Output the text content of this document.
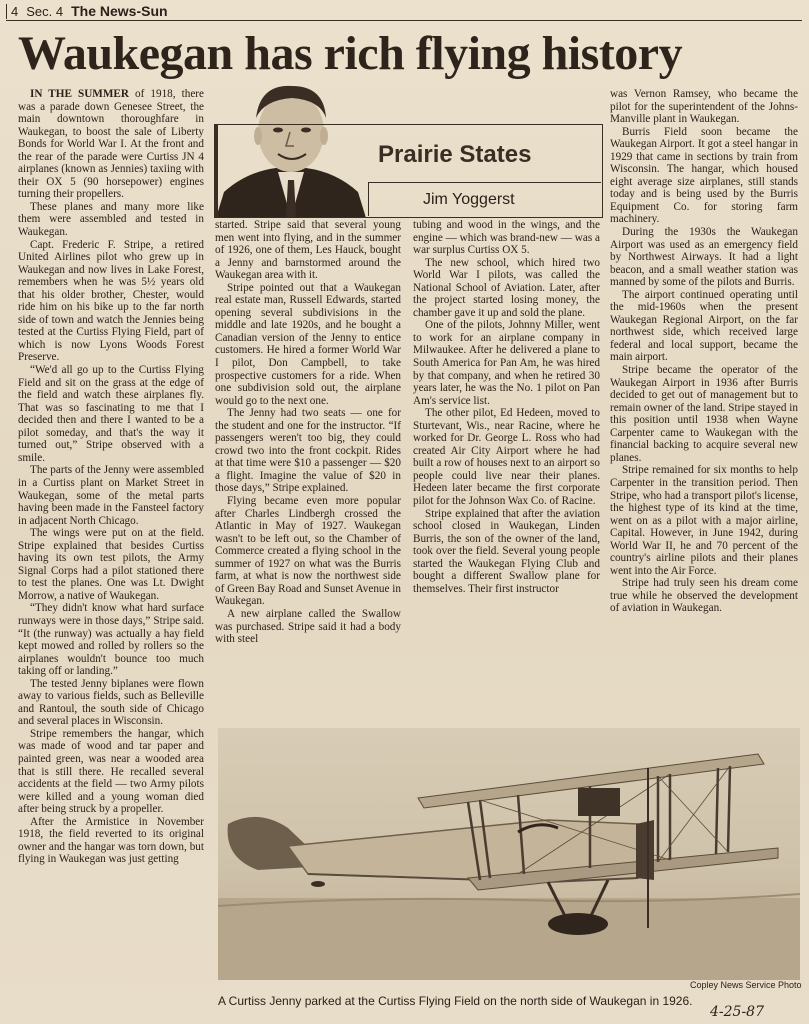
4 Sec. 4 The News-Sun
Waukegan has rich flying history
Prairie States
Jim Yoggerst

IN THE SUMMER of 1918, there was a parade down Genesee Street, the main downtown thoroughfare in Waukegan, to boost the sale of Liberty Bonds for World War I. At the front and the rear of the parade were Curtiss JN 4 airplanes (known as Jennies) taxiing with their OX 5 (90 horsepower) engines turning their propellers.

These planes and many more like them were assembled and tested in Waukegan.

Capt. Frederic F. Stripe, a retired United Airlines pilot who grew up in Waukegan and now lives in Lake Forest, remembers when he was 5½ years old that his older brother, Chester, would ride him on his bike up to the far north side of town and watch the Jennies being tested at the Curtiss Flying Field, part of which is now Lyons Woods Forest Preserve.

“We'd all go up to the Curtiss Flying Field and sit on the grass at the edge of the field and watch these airplanes fly. That was so fascinating to me that I decided then and there I wanted to be a pilot someday, and that's the way it turned out,” Stripe observed with a smile.

The parts of the Jenny were assembled in a Curtiss plant on Market Street in Waukegan, some of the metal parts having been made in the Fansteel factory in adjacent North Chicago.

The wings were put on at the field. Stripe explained that besides Curtiss having its own test pilots, the Army Signal Corps had a pilot stationed there to test the planes. One was Lt. Dwight Morrow, a native of Waukegan.

“They didn't know what hard surface runways were in those days,” Stripe said. “It (the runway) was actually a hay field kept mowed and rolled by rollers so the airplanes wouldn't bounce too much taking off or landing.”

The tested Jenny biplanes were flown away to various fields, such as Belleville and Rantoul, the south side of Chicago and several places in Wisconsin.

Stripe remembers the hangar, which was made of wood and tar paper and painted green, was near a wooded area that is still there. He recalled several accidents at the field — two Army pilots were killed and a young woman died after being struck by a propeller.

After the Armistice in November 1918, the field reverted to its original owner and the hangar was torn down, but flying in Waukegan was just getting

started. Stripe said that several young men went into flying, and in the summer of 1926, one of them, Les Hauck, bought a Jenny and barnstormed around the Waukegan area with it.

Stripe pointed out that a Waukegan real estate man, Russell Edwards, started opening several subdivisions in the middle and late 1920s, and he bought a Canadian version of the Jenny to entice customers. He hired a former World War I pilot, Don Campbell, to take prospective customers for a ride. When one subdivision sold out, the airplane would go to the next one.

The Jenny had two seats — one for the student and one for the instructor. “If passengers weren't too big, they could crowd two into the front cockpit. Rides at that time were $10 a passenger — $20 a flight. Imagine the value of $20 in those days,” Stripe explained.

Flying became even more popular after Charles Lindbergh crossed the Atlantic in May of 1927. Waukegan wasn't to be left out, so the Chamber of Commerce created a flying school in the summer of 1927 on what was the Burris farm, at what is now the northwest side of Green Bay Road and Sunset Avenue in Waukegan.

A new airplane called the Swallow was purchased. Stripe said it had a body with steel

tubing and wood in the wings, and the engine — which was brand-new — was a war surplus Curtiss OX 5.

The new school, which hired two World War I pilots, was called the National School of Aviation. Later, after the project started losing money, the chamber gave it up and sold the plane.

One of the pilots, Johnny Miller, went to work for an airplane company in Milwaukee. After he delivered a plane to South America for Pan Am, he was hired by that company, and when he retired 30 years later, he was the No. 1 pilot on Pan Am's service list.

The other pilot, Ed Hedeen, moved to Sturtevant, Wis., near Racine, where he worked for Dr. George L. Ross who had created Air City Airport where he had built a row of houses next to an airport so people could live near their planes. Hedeen later became the first corporate pilot for the Johnson Wax Co. of Racine.

Stripe explained that after the aviation school closed in Waukegan, Linden Burris, the son of the owner of the land, took over the field. Several young people started the Waukegan Flying Club and bought a different Swallow plane for themselves. Their first instructor

was Vernon Ramsey, who became the pilot for the superintendent of the Johns-Manville plant in Waukegan.

Burris Field soon became the Waukegan Airport. It got a steel hangar in 1929 that came in sections by train from Wisconsin. The hangar, which housed eight average size airplanes, still stands today and is being used by the Burris Equipment Co. for storing farm machinery.

During the 1930s the Waukegan Airport was used as an emergency field by Northwest Airways. It had a light beacon, and a small weather station was manned by some of the pilots and Burris.

The airport continued operating until the mid-1960s when the present Waukegan Regional Airport, on the far northwest side, which received large federal and local support, became the main airport.

Stripe became the operator of the Waukegan Airport in 1936 after Burris decided to get out of management but to remain owner of the land. Stripe stayed in this position until 1938 when Wayne Carpenter came to Waukegan with the financial backing to acquire several new planes.

Stripe remained for six months to help Carpenter in the transition period. Then Stripe, who had a transport pilot's license, the highest type of its kind at the time, went on as a pilot with a major airline, Capital. However, in June 1942, during World War II, he and 70 percent of the country's airline pilots and their planes went into the Air Force.

Stripe had truly seen his dream come true while he observed the development of aviation in Waukegan.

Copley News Service Photo
A Curtiss Jenny parked at the Curtiss Flying Field on the north side of Waukegan in 1926.
4-25-87
